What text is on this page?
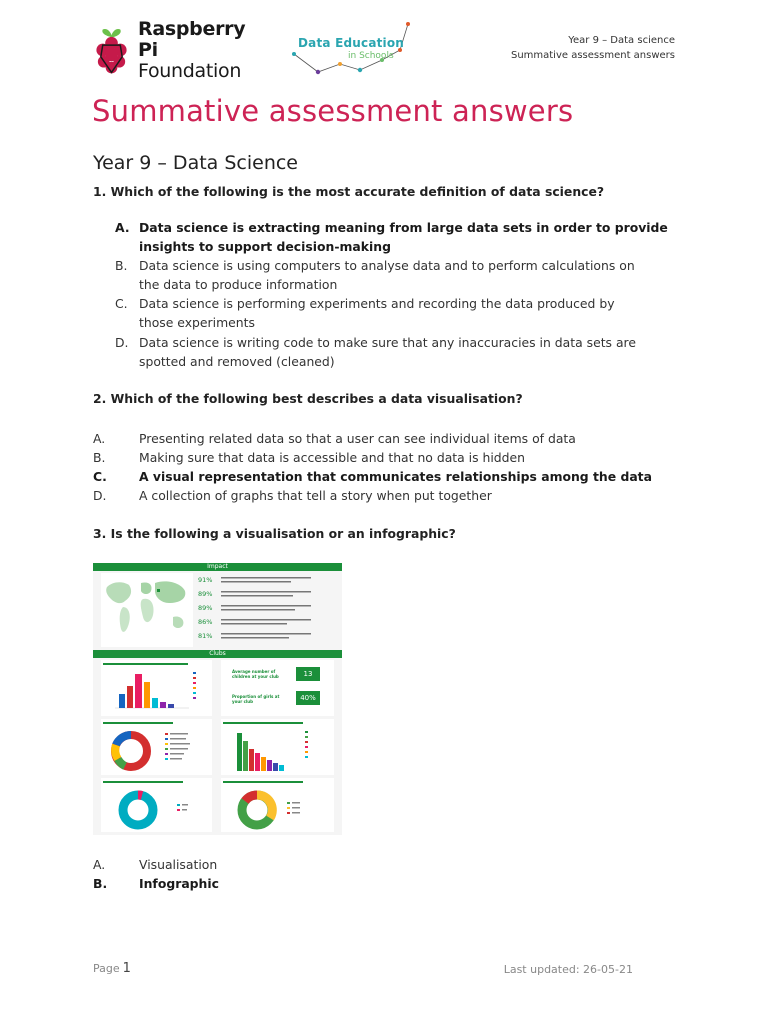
Raspberry Pi
Foundation
Data Education
in Schools
Year 9 – Data science
Summative assessment answers
Summative assessment answers
Year 9 – Data Science

1. Which of the following is the most accurate definition of data science?

A. Data science is extracting meaning from large data sets in order to provide
insights to support decision-making
B. Data science is using computers to analyse data and to perform calculations on
the data to produce information
C. Data science is performing experiments and recording the data produced by
those experiments
D. Data science is writing code to make sure that any inaccuracies in data sets are
spotted and removed (cleaned)

2. Which of the following best describes a data visualisation?

A.	Presenting related data so that a user can see individual items of data
B.	Making sure that data is accessible and that no data is hidden
C.	A visual representation that communicates relationships among the data
D.	A collection of graphs that tell a story when put together

3. Is the following a visualisation or an infographic?

Impact
91%
89%
89%
86%
81%
Clubs
Average number of children at your club	13
Proportion of girls at your club	40%
A.	Visualisation
B.	Infographic
Page 1	Last updated: 26-05-21
